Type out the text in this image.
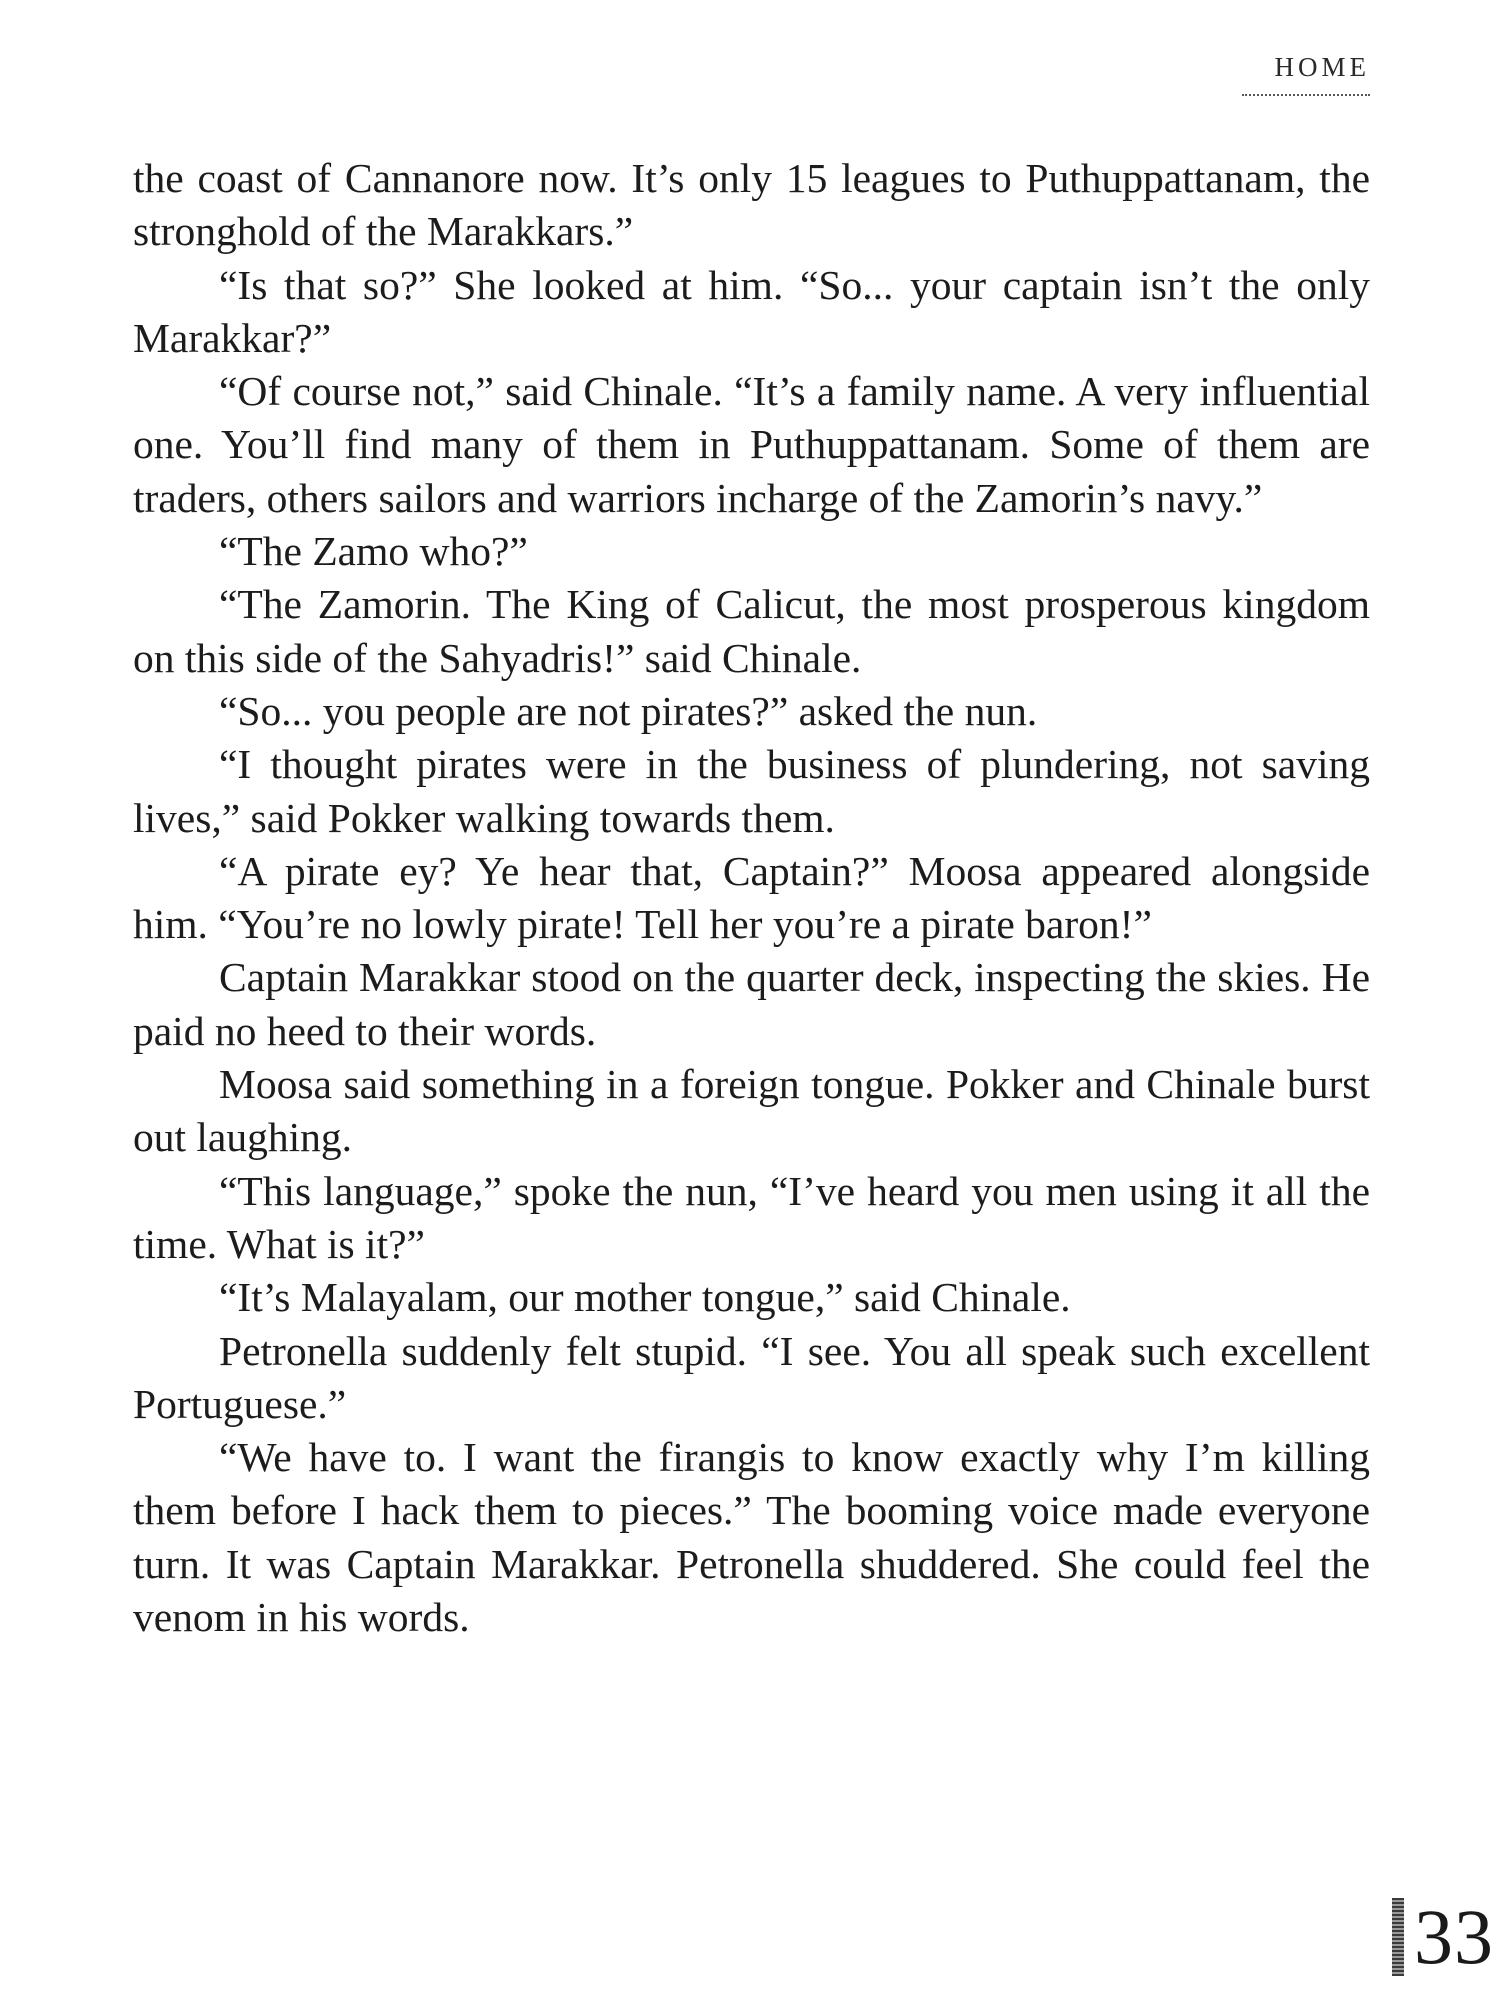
HOME

the coast of Cannanore now. It’s only 15 leagues to Puthuppattanam, the stronghold of the Marakkars.”

“Is that so?” She looked at him. “So... your captain isn’t the only Marakkar?”

“Of course not,” said Chinale. “It’s a family name. A very influential one. You’ll find many of them in Puthuppattanam. Some of them are traders, others sailors and warriors incharge of the Zamorin’s navy.”

“The Zamo who?”

“The Zamorin. The King of Calicut, the most prosperous kingdom on this side of the Sahyadris!” said Chinale.

“So... you people are not pirates?” asked the nun.

“I thought pirates were in the business of plundering, not saving lives,” said Pokker walking towards them.

“A pirate ey? Ye hear that, Captain?” Moosa appeared alongside him. “You’re no lowly pirate! Tell her you’re a pirate baron!”

Captain Marakkar stood on the quarter deck, inspecting the skies. He paid no heed to their words.

Moosa said something in a foreign tongue. Pokker and Chinale burst out laughing.

“This language,” spoke the nun, “I’ve heard you men using it all the time. What is it?”

“It’s Malayalam, our mother tongue,” said Chinale.

Petronella suddenly felt stupid. “I see. You all speak such excellent Portuguese.”

“We have to. I want the firangis to know exactly why I’m killing them before I hack them to pieces.” The booming voice made everyone turn. It was Captain Marakkar. Petronella shuddered. She could feel the venom in his words.

33
